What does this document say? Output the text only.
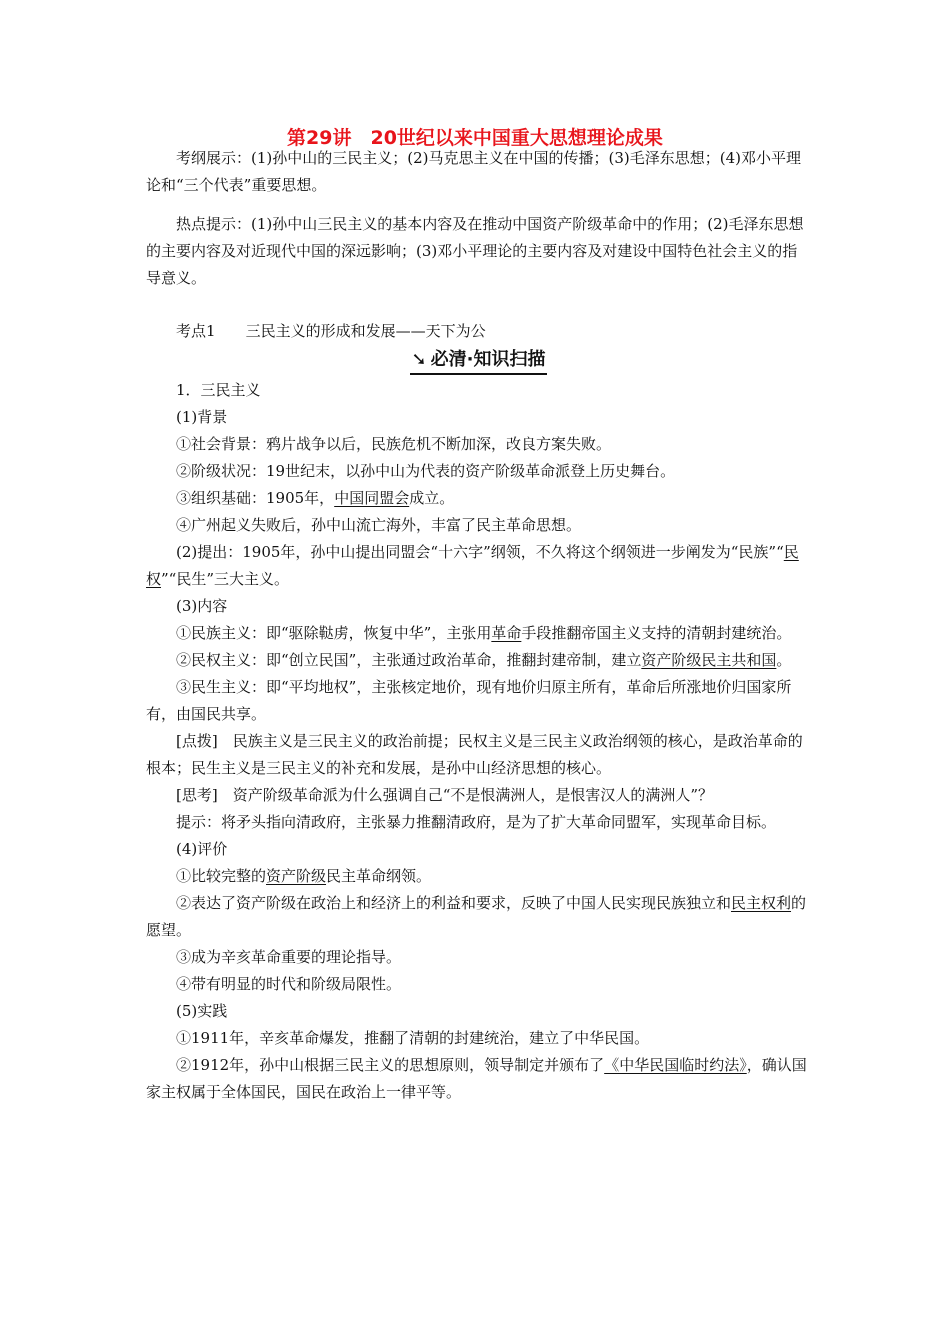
第29讲　20世纪以来中国重大思想理论成果

考纲展示：(1)孙中山的三民主义；(2)马克思主义在中国的传播；(3)毛泽东思想；(4)邓小平理论和“三个代表”重要思想。

热点提示：(1)孙中山三民主义的基本内容及在推动中国资产阶级革命中的作用；(2)毛泽东思想的主要内容及对近现代中国的深远影响；(3)邓小平理论的主要内容及对建设中国特色社会主义的指导意义。

考点1　　 三民主义的形成和发展——天下为公

➘ 必清·知识扫描

1．三民主义

(1)背景

①社会背景：鸦片战争以后，民族危机不断加深，改良方案失败。

②阶级状况：19世纪末，以孙中山为代表的资产阶级革命派登上历史舞台。

③组织基础：1905年，中国同盟会成立。

④广州起义失败后，孙中山流亡海外，丰富了民主革命思想。

(2)提出：1905年，孙中山提出同盟会“十六字”纲领，不久将这个纲领进一步阐发为“民族”“民权”“民生”三大主义。

(3)内容

①民族主义：即“驱除鞑虏，恢复中华”，主张用革命手段推翻帝国主义支持的清朝封建统治。

②民权主义：即“创立民国”，主张通过政治革命，推翻封建帝制，建立资产阶级民主共和国。

③民生主义：即“平均地权”，主张核定地价，现有地价归原主所有，革命后所涨地价归国家所有，由国民共享。

[点拨]　民族主义是三民主义的政治前提；民权主义是三民主义政治纲领的核心，是政治革命的根本；民生主义是三民主义的补充和发展，是孙中山经济思想的核心。

[思考]　资产阶级革命派为什么强调自己“不是恨满洲人，是恨害汉人的满洲人”？

提示：将矛头指向清政府，主张暴力推翻清政府，是为了扩大革命同盟军，实现革命目标。

(4)评价

①比较完整的资产阶级民主革命纲领。

②表达了资产阶级在政治上和经济上的利益和要求，反映了中国人民实现民族独立和民主权利的愿望。

③成为辛亥革命重要的理论指导。

④带有明显的时代和阶级局限性。

(5)实践

①1911年，辛亥革命爆发，推翻了清朝的封建统治，建立了中华民国。

②1912年，孙中山根据三民主义的思想原则，领导制定并颁布了《中华民国临时约法》，确认国家主权属于全体国民，国民在政治上一律平等。
